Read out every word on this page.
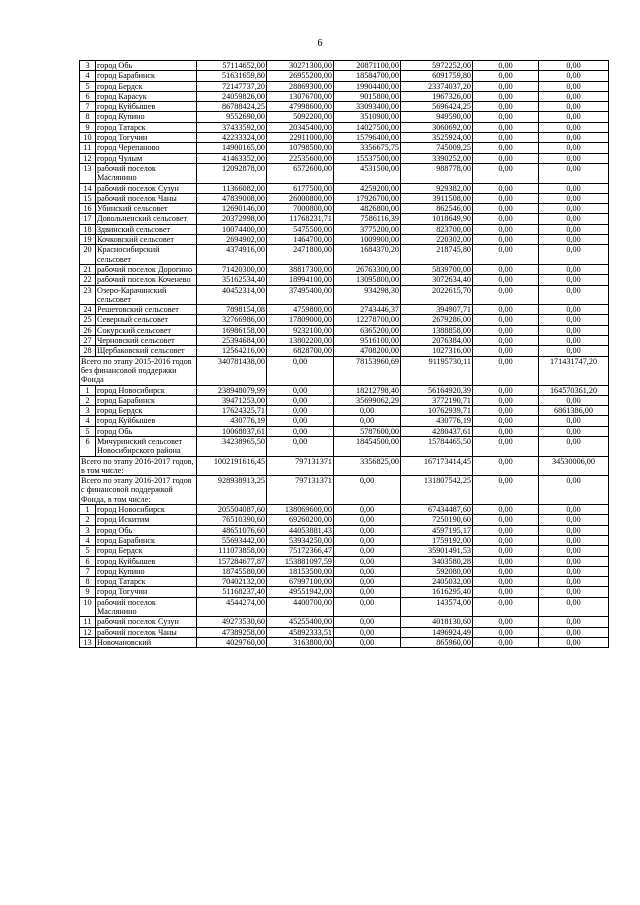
6
3	город Обь	57114652,00	30271300,00	20871100,00	5972252,00	0,00	0,00
4	город Барабинск	51631659,80	26955200,00	18584700,00	6091759,80	0,00	0,00
5	город Бердск	72147737,20	28869300,00	19904400,00	23374037,20	0,00	0,00
6	город Карасук	24059826,00	13076700,00	9015800,00	1967326,00	0,00	0,00
7	город Куйбышев	86788424,25	47998600,00	33093400,00	5696424,25	0,00	0,00
8	город Купино	9552690,00	5092200,00	3510900,00	949590,00	0,00	0,00
9	город Татарск	37433592,00	20345400,00	14027500,00	3060692,00	0,00	0,00
10	город Тогучин	42233324,00	22911000,00	15796400,00	3525924,00	0,00	0,00
11	город Черепаново	14900165,00	10798500,00	3356675,75	745009,25	0,00	0,00
12	город Чулым	41463352,00	22535600,00	15537500,00	3390252,00	0,00	0,00
13	рабочий поселок Маслянино	12092878,00	6572600,00	4531500,00	988778,00	0,00	0,00
14	рабочий поселок Сузун	11366082,00	6177500,00	4259200,00	929382,00	0,00	0,00
15	рабочий поселок Чаны	47839008,00	26000800,00	17926700,00	3911508,00	0,00	0,00
16	Убинский сельсовет	12690146,00	7000800,00	4826800,00	862546,00	0,00	0,00
17	Довольненский сельсовет	20372998,00	11768231,71	7586116,39	1018649,90	0,00	0,00
18	Здвинский сельсовет	10074400,00	5475500,00	3775200,00	823700,00	0,00	0,00
19	Кочковский сельсовет	2694902,00	1464700,00	1009900,00	220302,00	0,00	0,00
20	Красносибирский сельсовет	4374916,00	2471800,00	1684370,20	218745,80	0,00	0,00
21	рабочий поселок Дорогино	71420300,00	38817300,00	26763300,00	5839700,00	0,00	0,00
22	рабочий поселок Коченево	35162534,40	18994100,00	13095800,00	3072634,40	0,00	0,00
23	Озеро-Карачинский сельсовет	40452314,00	37495400,00	934298,30	2022615,70	0,00	0,00
24	Решетовский сельсовет	7898154,08	4759800,00	2743446,37	394907,71	0,00	0,00
25	Северный сельсовет	32766986,00	17809000,00	12278700,00	2679286,00	0,00	0,00
26	Сокурский сельсовет	16986158,00	9232100,00	6365200,00	1388858,00	0,00	0,00
27	Черновский сельсовет	25394684,00	13802200,00	9516100,00	2076384,00	0,00	0,00
28	Щербаковский сельсовет	12564216,00	6828700,00	4708200,00	1027316,00	0,00	0,00
Всего по этапу 2015-2016 годов без финансовой поддержки Фонда		340781438,00	0,00	78153960,69	91195730,11	0,00	171431747,20
1	город Новосибирск	238948079,99	0,00	18212798,40	56164920,39	0,00	164570361,20
2	город Барабинск	39471253,00	0,00	35699062,29	3772190,71	0,00	0,00
3	город Бердск	17624325,71	0,00	0,00	10762939,71	0,00	6861386,00
4	город Куйбышев	430776,19	0,00	0,00	430776,19	0,00	0,00
5	город Обь	10068037,61	0,00	5787600,00	4280437,61	0,00	0,00
6	Мичуринский сельсовет Новосибирского района	34238965,50	0,00	18454500,00	15784465,50	0,00	0,00
Всего по этапу 2016-2017 годов, в том числе:		1002191616,45	797131371	3356825,00	167173414,45	0,00	34530006,00
Всего по этапу 2016-2017 годов с финансовой поддержкой Фонда, в том числе:		928938913,25	797131371	0,00	131807542,25	0,00	0,00
1	город Новосибирск	205504087,60	138069600,00	0,00	67434487,60	0,00	0,00
2	город Искитим	76510390,60	69260200,00	0,00	7250190,60	0,00	0,00
3	город Обь	48651076,60	44053881,43	0,00	4597195,17	0,00	0,00
4	город Барабинск	55693442,00	53934250,00	0,00	1759192,00	0,00	0,00
5	город Бердск	111073858,00	75172366,47	0,00	35901491,53	0,00	0,00
6	город Куйбышев	157284677,87	153881097,59	0,00	3403580,28	0,00	0,00
7	город Купино	18745580,00	18153500,00	0,00	592080,00	0,00	0,00
8	город Татарск	70402132,00	67997100,00	0,00	2405032,00	0,00	0,00
9	город Тогучин	51168237,40	49551942,00	0,00	1616295,40	0,00	0,00
10	рабочий поселок Маслянино	4544274,00	4400700,00	0,00	143574,00	0,00	0,00
11	рабочий поселок Сузун	49273530,60	45255400,00	0,00	4018130,60	0,00	0,00
12	рабочий поселок Чаны	47389258,00	45892333,51	0,00	1496924,49	0,00	0,00
13	Новочановский	4029760,00	3163800,00	0,00	865960,00	0,00	0,00
